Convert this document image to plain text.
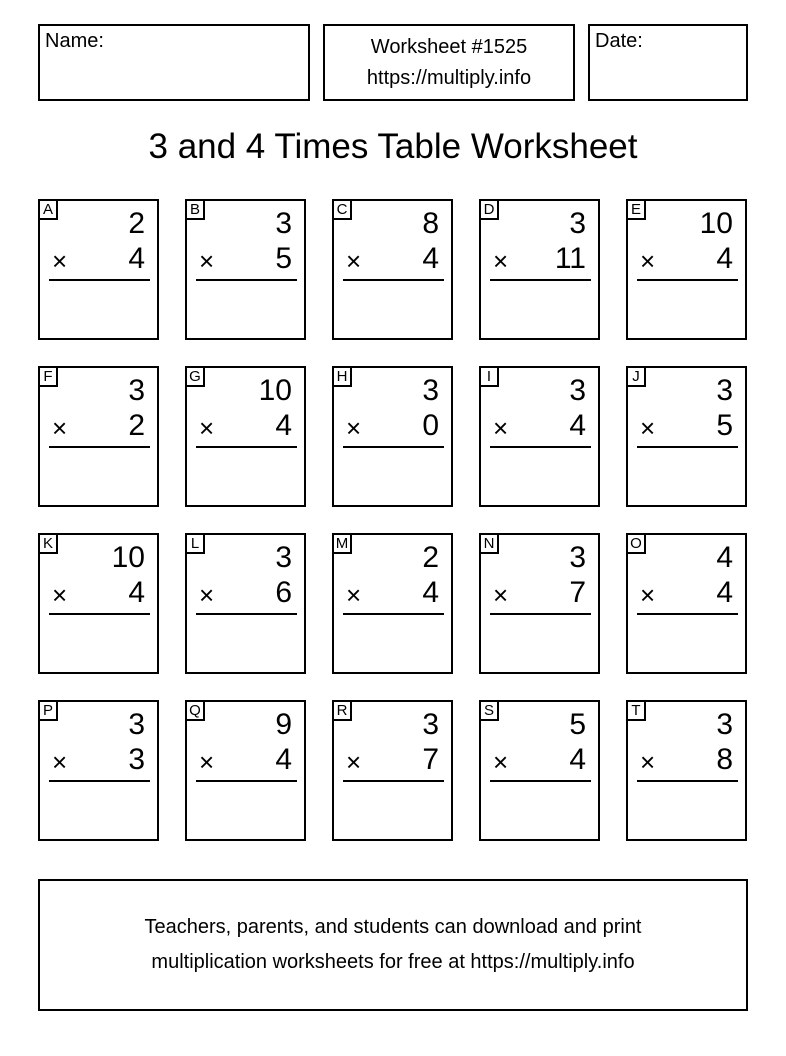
Name:	Worksheet #1525
https://multiply.info
Date:
3 and 4 Times Table Worksheet
A	2
× 4
B	3
× 5
C 8
× 4
D 3
× 11
E 10
× 4
F	3
× 2
G 10
× 4
H 3
× 0
I	3
× 4
J	3
× 5
K 10
× 4
L	3
× 6
M 2
× 4
N 3
× 7
O 4
× 4
P	3
× 3
Q 9
× 4
R 3
× 7
S	5
× 4
T	3
× 8
Teachers, parents, and students can download and print
multiplication worksheets for free at https://multiply.info
